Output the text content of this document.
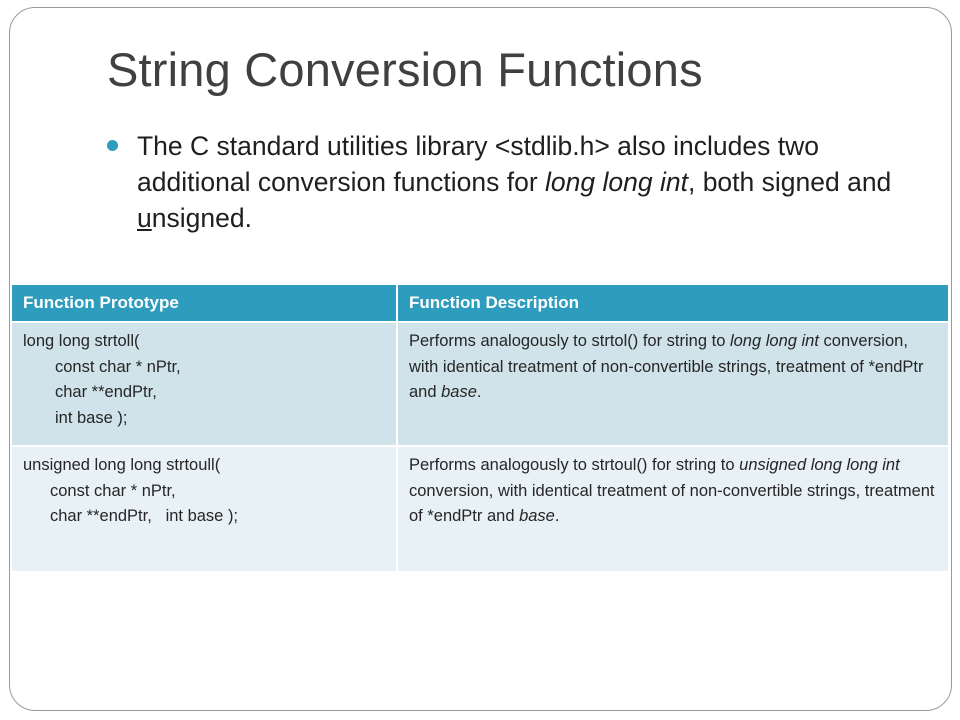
String Conversion Functions
The C standard utilities library <stdlib.h> also includes two additional conversion functions for long long int, both signed and unsigned.
Function Prototype	Function Description

long long strtoll(
const char * nPtr,
char **endPtr,
int base );	Performs analogously to strtol() for string to long long int conversion, with identical treatment of non-convertible strings, treatment of *endPtr and base.

unsigned long long strtoull(
const char * nPtr,
char **endPtr,   int base );	Performs analogously to strtoul() for string to unsigned long long int conversion, with identical treatment of non-convertible strings, treatment of *endPtr and base.
